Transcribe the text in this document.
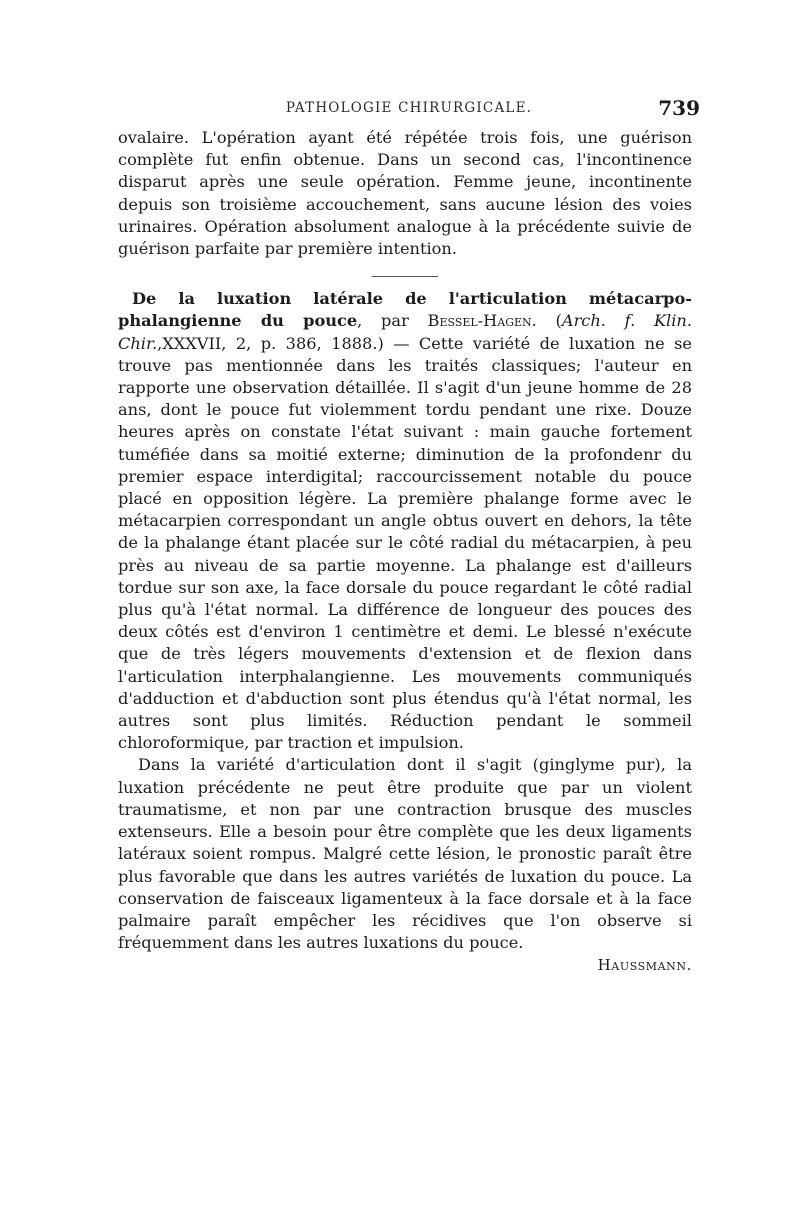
PATHOLOGIE CHIRURGICALE.	739

ovalaire. L'opération ayant été répétée trois fois, une guérison complète fut enfin obtenue. Dans un second cas, l'incontinence disparut après une seule opération. Femme jeune, incontinente depuis son troisième accouchement, sans aucune lésion des voies urinaires. Opération absolument analogue à la précédente suivie de guérison parfaite par première intention.

De la luxation latérale de l'articulation métacarpo-phalangienne du pouce, par Bessel-Hagen. (Arch. f. Klin. Chir.,XXXVII, 2, p. 386, 1888.) — Cette variété de luxation ne se trouve pas mentionnée dans les traités classiques; l'auteur en rapporte une observation détaillée. Il s'agit d'un jeune homme de 28 ans, dont le pouce fut violemment tordu pendant une rixe. Douze heures après on constate l'état suivant : main gauche fortement tuméfiée dans sa moitié externe; diminution de la profondenr du premier espace interdigital; raccourcissement notable du pouce placé en opposition légère. La première phalange forme avec le métacarpien correspondant un angle obtus ouvert en dehors, la tête de la phalange étant placée sur le côté radial du métacarpien, à peu près au niveau de sa partie moyenne. La phalange est d'ailleurs tordue sur son axe, la face dorsale du pouce regardant le côté radial plus qu'à l'état normal. La différence de longueur des pouces des deux côtés est d'environ 1 centimètre et demi. Le blessé n'exécute que de très légers mouvements d'extension et de flexion dans l'articulation interphalangienne. Les mouvements communiqués d'adduction et d'abduction sont plus étendus qu'à l'état normal, les autres sont plus limités. Réduction pendant le sommeil chloroformique, par traction et impulsion.

Dans la variété d'articulation dont il s'agit (ginglyme pur), la luxation précédente ne peut être produite que par un violent traumatisme, et non par une contraction brusque des muscles extenseurs. Elle a besoin pour être complète que les deux ligaments latéraux soient rompus. Malgré cette lésion, le pronostic paraît être plus favorable que dans les autres variétés de luxation du pouce. La conservation de faisceaux ligamenteux à la face dorsale et à la face palmaire paraît empêcher les récidives que l'on observe si fréquemment dans les autres luxations du pouce.

Haussmann.
